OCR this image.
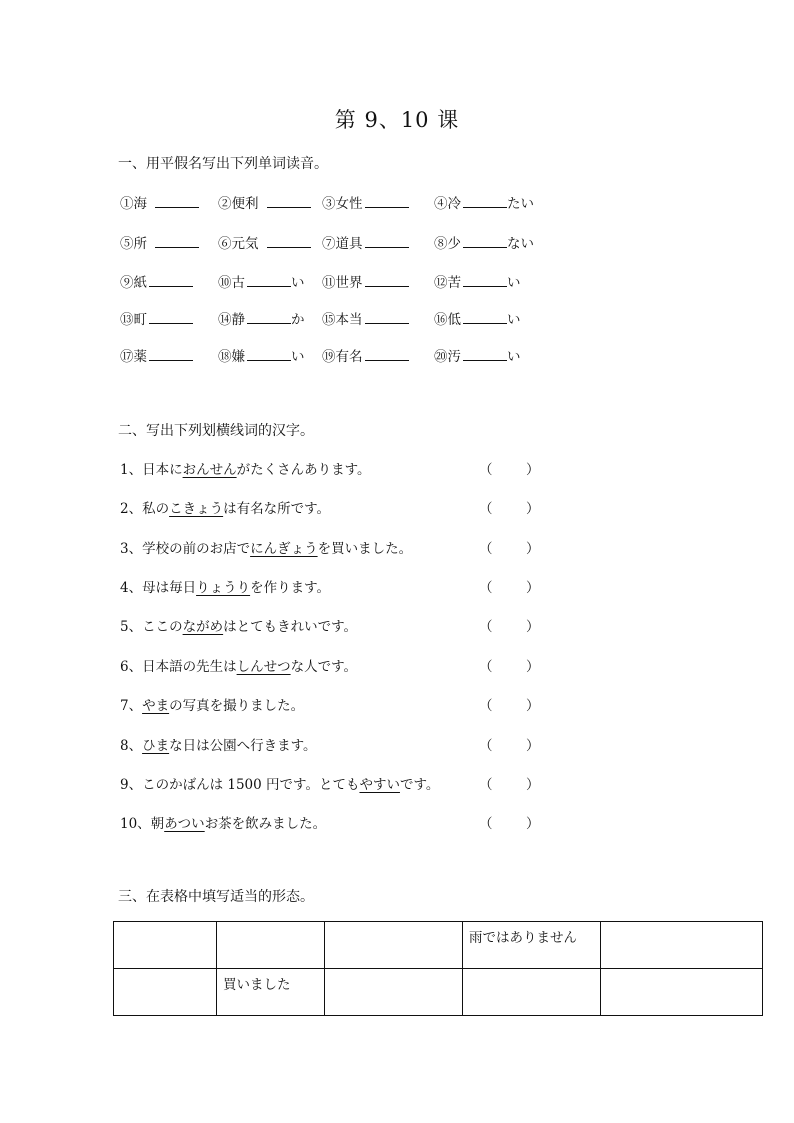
第 9、10 课
一、用平假名写出下列单词读音。
①海	②便利	③女性	④冷	たい
⑤所	⑥元気	⑦道具	⑧少	ない
⑨紙	⑩古	い ⑪世界	⑫苦	い
⑬町	⑭静	か ⑮本当	⑯低	い
⑰薬	⑱嫌	い ⑲有名	⑳汚	い
二、写出下列划横线词的汉字。
1、日本におんせんがたくさんあります。	（ ）
2、私のこきょうは有名な所です。	（ ）
3、学校の前のお店でにんぎょうを買いました。	（ ）
4、母は毎日りょうりを作ります。	（ ）
5、ここのながめはとてもきれいです。	（ ）
6、日本語の先生はしんせつな人です。	（ ）
7、やまの写真を撮りました。	（ ）
8、ひまな日は公園へ行きます。	（ ）
9、このかばんは 1500 円です。とてもやすいです。	（ ）
10、朝あついお茶を飲みました。	（ ）
三、在表格中填写适当的形态。
			雨ではありません	
	買いました			
